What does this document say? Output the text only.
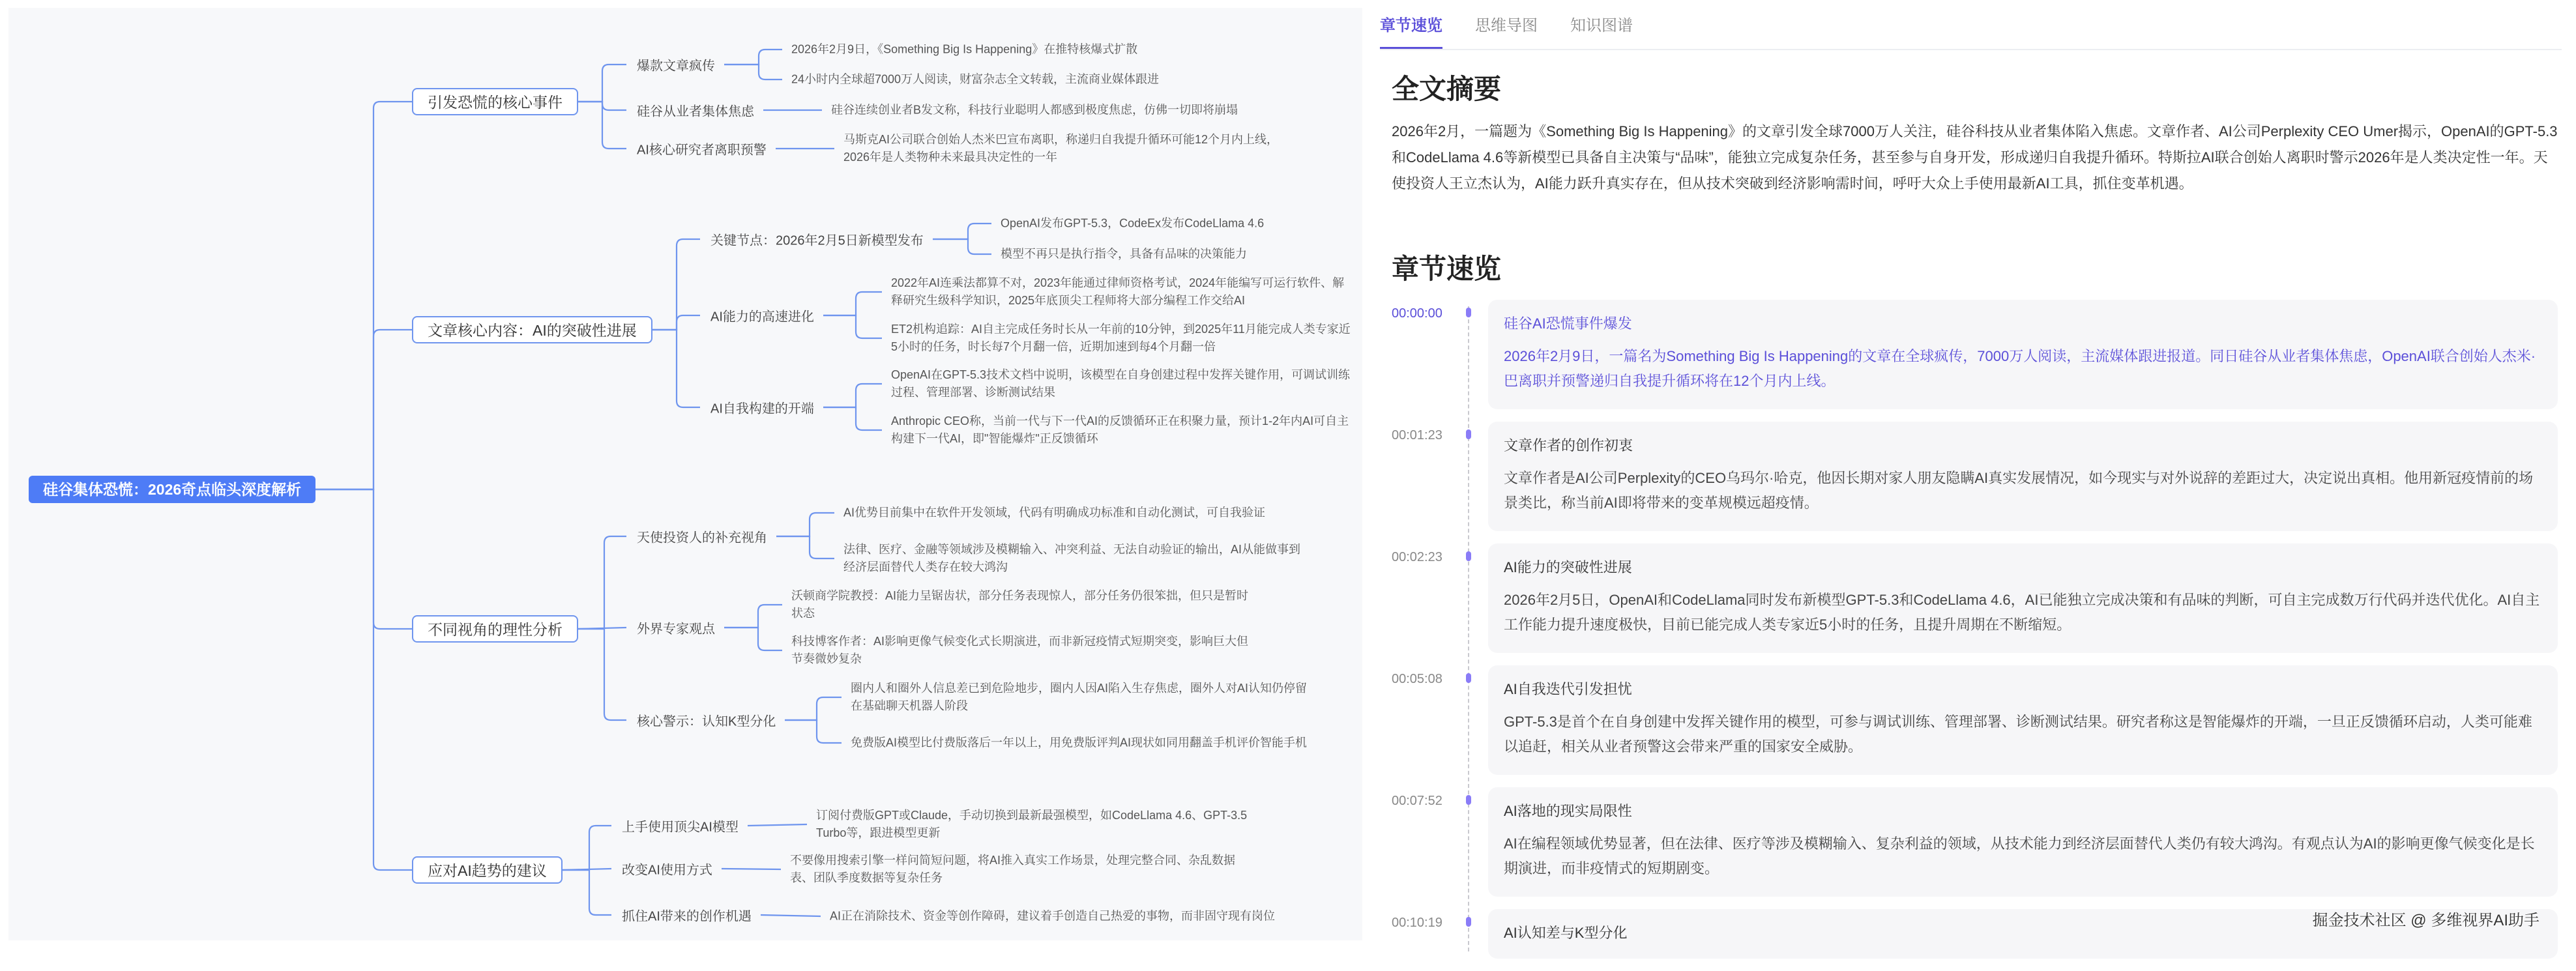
硅谷集体恐慌：2026奇点临头深度解析
引发恐慌的核心事件
爆款文章疯传
2026年2月9日，《Something Big Is Happening》在推特核爆式扩散
24小时内全球超7000万人阅读，财富杂志全文转载，主流商业媒体跟进
硅谷从业者集体焦虑	硅谷连续创业者B发文称，科技行业聪明人都感到极度焦虑，仿佛一切即将崩塌
AI核心研究者离职预警
马斯克AI公司联合创始人杰米巴宣布离职，称递归自我提升循环可能12个月内上线，2026年是人类物种未来最具决定性的一年
文章核心内容：AI的突破性进展
关键节点：2026年2月5日新模型发布
OpenAI发布GPT-5.3，CodeEx发布CodeLlama 4.6
模型不再只是执行指令，具备有品味的决策能力
AI能力的高速进化
2022年AI连乘法都算不对，2023年能通过律师资格考试，2024年能编写可运行软件、解释研究生级科学知识，2025年底顶尖工程师将大部分编程工作交给AI
ET2机构追踪：AI自主完成任务时长从一年前的10分钟，到2025年11月能完成人类专家近5小时的任务，时长每7个月翻一倍，近期加速到每4个月翻一倍
AI自我构建的开端
OpenAI在GPT-5.3技术文档中说明，该模型在自身创建过程中发挥关键作用，可调试训练过程、管理部署、诊断测试结果
Anthropic CEO称，当前一代与下一代AI的反馈循环正在积聚力量，预计1-2年内AI可自主构建下一代AI，即"智能爆炸"正反馈循环
不同视角的理性分析
天使投资人的补充视角
AI优势目前集中在软件开发领域，代码有明确成功标准和自动化测试，可自我验证
法律、医疗、金融等领域涉及模糊输入、冲突利益、无法自动验证的输出，AI从能做事到经济层面替代人类存在较大鸿沟
外界专家观点
沃顿商学院教授：AI能力呈锯齿状，部分任务表现惊人，部分任务仍很笨拙，但只是暂时状态
科技博客作者：AI影响更像气候变化式长期演进，而非新冠疫情式短期突变，影响巨大但节奏微妙复杂
核心警示：认知K型分化
圈内人和圈外人信息差已到危险地步，圈内人因AI陷入生存焦虑，圈外人对AI认知仍停留在基础聊天机器人阶段
免费版AI模型比付费版落后一年以上，用免费版评判AI现状如同用翻盖手机评价智能手机
应对AI趋势的建议
上手使用顶尖AI模型
订阅付费版GPT或Claude，手动切换到最新最强模型，如CodeLlama 4.6、GPT-3.5 Turbo等，跟进模型更新
改变AI使用方式
不要像用搜索引擎一样问简短问题，将AI推入真实工作场景，处理完整合同、杂乱数据表、团队季度数据等复杂任务
抓住AI带来的创作机遇	AI正在消除技术、资金等创作障碍，建议着手创造自己热爱的事物，而非固守现有岗位
章节速览 思维导图 知识图谱
全文摘要
2026年2月，一篇题为《Something Big Is Happening》的文章引发全球7000万人关注，硅谷科技从业者集体陷入焦虑。文章作者、AI公司Perplexity CEO Umer揭示，OpenAI的GPT-5.3和CodeLlama 4.6等新模型已具备自主决策与“品味”，能独立完成复杂任务，甚至参与自身开发，形成递归自我提升循环。特斯拉AI联合创始人离职时警示2026年是人类决定性一年。天使投资人王立杰认为，AI能力跃升真实存在，但从技术突破到经济影响需时间，呼吁大众上手使用最新AI工具，抓住变革机遇。
章节速览
00:00:00
硅谷AI恐慌事件爆发
2026年2月9日，一篇名为Something Big Is Happening的文章在全球疯传，7000万人阅读，主流媒体跟进报道。同日硅谷从业者集体焦虑，OpenAI联合创始人杰米·巴离职并预警递归自我提升循环将在12个月内上线。
00:01:23
文章作者的创作初衷
文章作者是AI公司Perplexity的CEO乌玛尔·哈克，他因长期对家人朋友隐瞒AI真实发展情况，如今现实与对外说辞的差距过大，决定说出真相。他用新冠疫情前的场景类比，称当前AI即将带来的变革规模远超疫情。
00:02:23
AI能力的突破性进展
2026年2月5日，OpenAI和CodeLlama同时发布新模型GPT-5.3和CodeLlama 4.6，AI已能独立完成决策和有品味的判断，可自主完成数万行代码并迭代优化。AI自主工作能力提升速度极快，目前已能完成人类专家近5小时的任务，且提升周期在不断缩短。
00:05:08
AI自我迭代引发担忧
GPT-5.3是首个在自身创建中发挥关键作用的模型，可参与调试训练、管理部署、诊断测试结果。研究者称这是智能爆炸的开端，一旦正反馈循环启动，人类可能难以追赶，相关从业者预警这会带来严重的国家安全威胁。
00:07:52
AI落地的现实局限性
AI在编程领域优势显著，但在法律、医疗等涉及模糊输入、复杂利益的领域，从技术能力到经济层面替代人类仍有较大鸿沟。有观点认为AI的影响更像气候变化是长期演进，而非疫情式的短期剧变。
00:10:19
AI认知差与K型分化
掘金技术社区 @ 多维视界AI助手
